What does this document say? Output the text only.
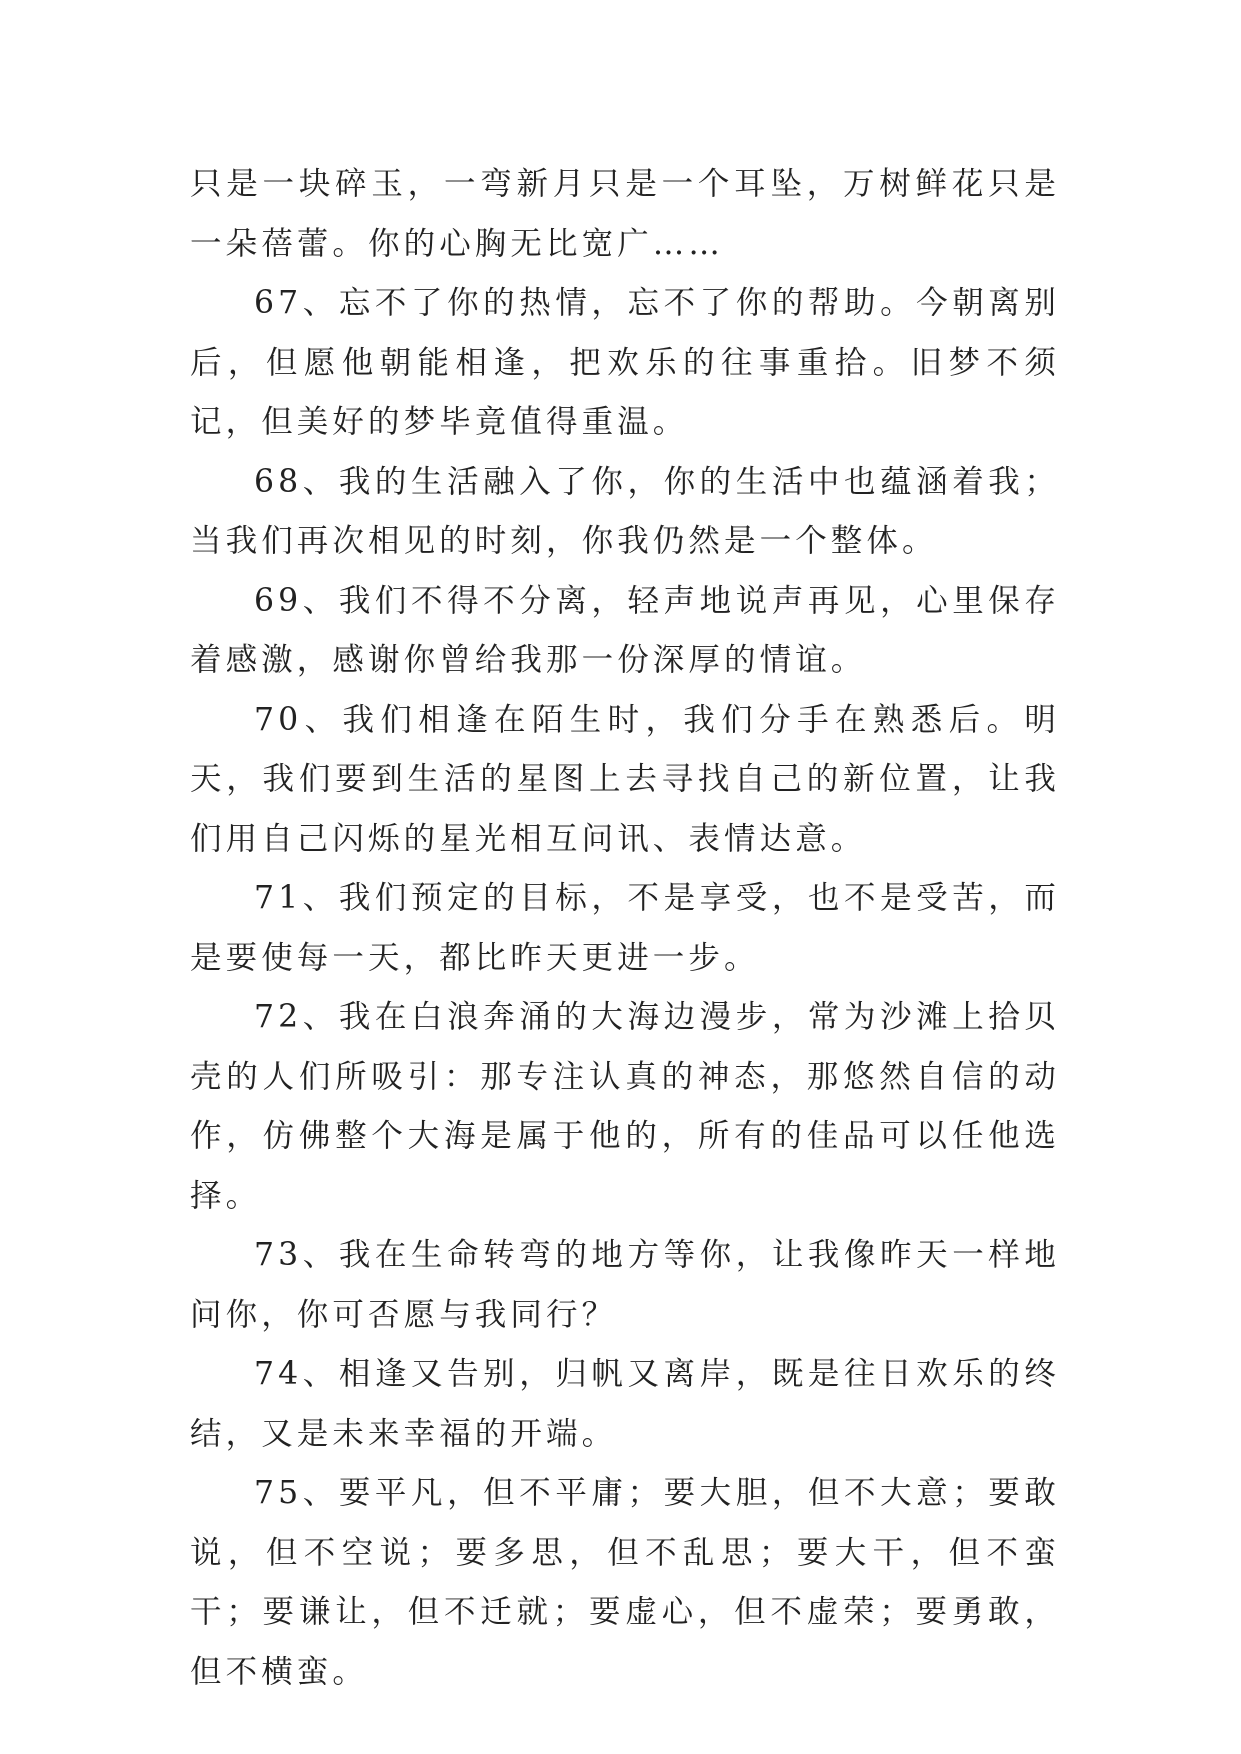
只是一块碎玉，一弯新月只是一个耳坠，万树鲜花只是一朵蓓蕾。你的心胸无比宽广……

67、忘不了你的热情，忘不了你的帮助。今朝离别后，但愿他朝能相逢，把欢乐的往事重拾。旧梦不须记，但美好的梦毕竟值得重温。

68、我的生活融入了你，你的生活中也蕴涵着我；当我们再次相见的时刻，你我仍然是一个整体。

69、我们不得不分离，轻声地说声再见，心里保存着感激，感谢你曾给我那一份深厚的情谊。

70、我们相逢在陌生时，我们分手在熟悉后。明天，我们要到生活的星图上去寻找自己的新位置，让我们用自己闪烁的星光相互问讯、表情达意。

71、我们预定的目标，不是享受，也不是受苦，而是要使每一天，都比昨天更进一步。

72、我在白浪奔涌的大海边漫步，常为沙滩上拾贝壳的人们所吸引：那专注认真的神态，那悠然自信的动作，仿佛整个大海是属于他的，所有的佳品可以任他选择。

73、我在生命转弯的地方等你，让我像昨天一样地问你，你可否愿与我同行？

74、相逢又告别，归帆又离岸，既是往日欢乐的终结，又是未来幸福的开端。

75、要平凡，但不平庸；要大胆，但不大意；要敢说，但不空说；要多思，但不乱思；要大干，但不蛮干；要谦让，但不迁就；要虚心，但不虚荣；要勇敢，但不横蛮。
